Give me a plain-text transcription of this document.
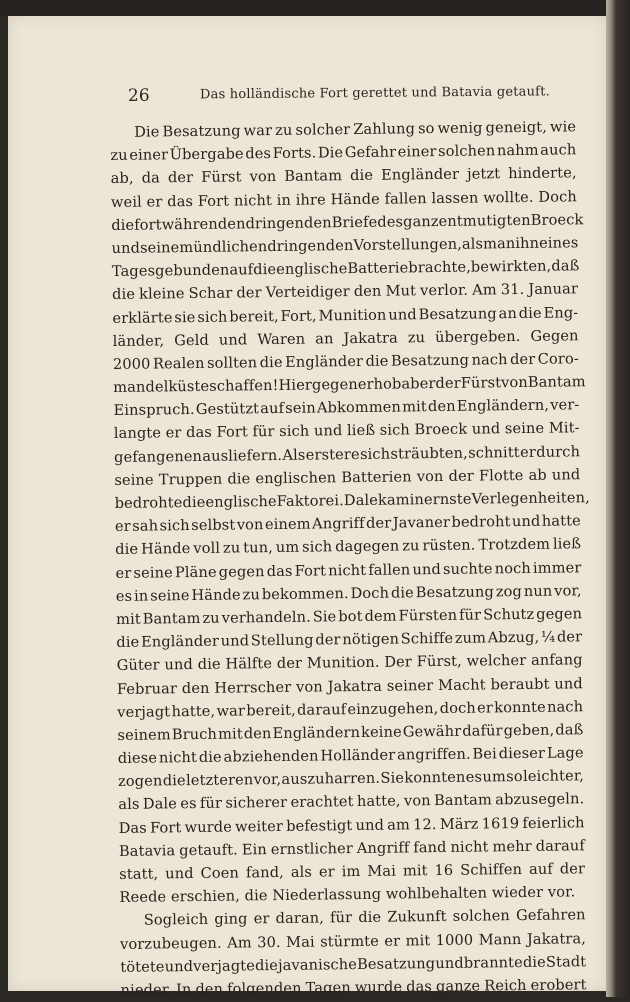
26	Das holländische Fort gerettet und Batavia getauft.
Die Besatzung war zu solcher Zahlung so wenig geneigt, wie
zu einer Übergabe des Forts. Die Gefahr einer solchen nahm auch
ab, da der Fürst von Bantam die Engländer jetzt hinderte,
weil er das Fort nicht in ihre Hände fallen lassen wollte. Doch
die fortwährenden dringenden Briefe des ganz entmutigten Broeck
und seine mündlichen dringenden Vorstellungen, als man ihn eines
Tages gebunden auf die englische Batterie brachte, bewirkten, daß
die kleine Schar der Verteidiger den Mut verlor. Am 31. Januar
erklärte sie sich bereit, Fort, Munition und Besatzung an die Eng-
länder, Geld und Waren an Jakatra zu übergeben. Gegen
2000 Realen sollten die Engländer die Besatzung nach der Coro-
mandelküste schaffen! Hiergegen erhob aber der Fürst von Bantam
Einspruch. Gestützt auf sein Abkommen mit den Engländern, ver-
langte er das Fort für sich und ließ sich Broeck und seine Mit-
gefangenen ausliefern. Als erstere sich sträubten, schnitt er durch
seine Truppen die englischen Batterien von der Flotte ab und
bedrohte die englische Faktorei. Dale kam in ernste Verlegenheiten,
er sah sich selbst von einem Angriff der Javaner bedroht und hatte
die Hände voll zu tun, um sich dagegen zu rüsten. Trotzdem ließ
er seine Pläne gegen das Fort nicht fallen und suchte noch immer
es in seine Hände zu bekommen. Doch die Besatzung zog nun vor,
mit Bantam zu verhandeln. Sie bot dem Fürsten für Schutz gegen
die Engländer und Stellung der nötigen Schiffe zum Abzug, ¼ der
Güter und die Hälfte der Munition. Der Fürst, welcher anfang
Februar den Herrscher von Jakatra seiner Macht beraubt und
verjagt hatte, war bereit, darauf einzugehen, doch er konnte nach
seinem Bruch mit den Engländern keine Gewähr dafür geben, daß
diese nicht die abziehenden Holländer angriffen. Bei dieser Lage
zogen die letzteren vor, auszuharren. Sie konnten es um so leichter,
als Dale es für sicherer erachtet hatte, von Bantam abzusegeln.
Das Fort wurde weiter befestigt und am 12. März 1619 feierlich
Batavia getauft. Ein ernstlicher Angriff fand nicht mehr darauf
statt, und Coen fand, als er im Mai mit 16 Schiffen auf der
Reede erschien, die Niederlassung wohlbehalten wieder vor.
Sogleich ging er daran, für die Zukunft solchen Gefahren
vorzubeugen. Am 30. Mai stürmte er mit 1000 Mann Jakatra,
tötete und verjagte die javanische Besatzung und brannte die Stadt
nieder. In den folgenden Tagen wurde das ganze Reich erobert
